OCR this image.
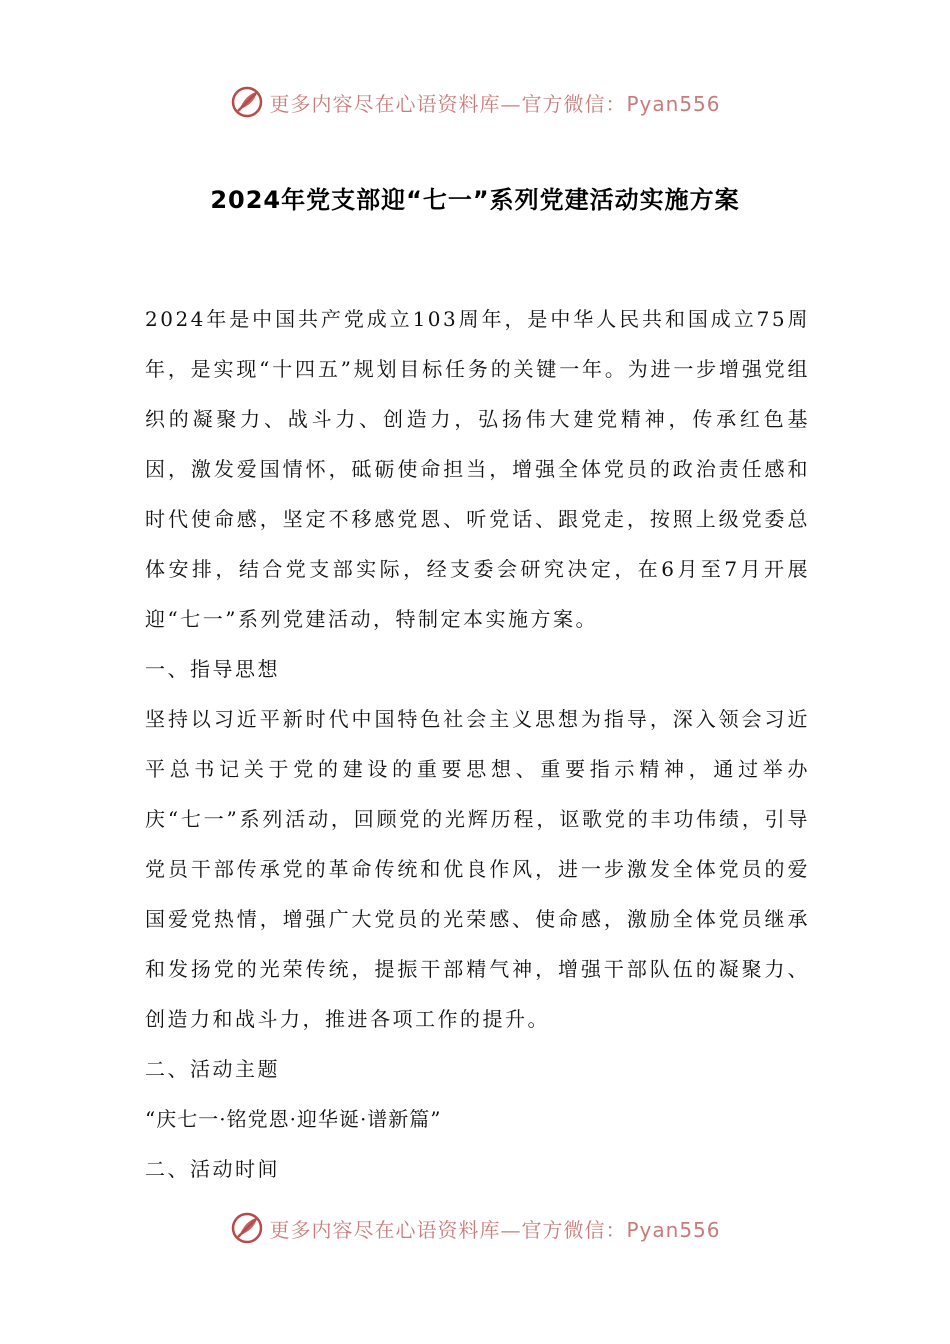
更多内容尽在心语资料库—官方微信：Pyan556
2024年党支部迎“七一”系列党建活动实施方案

2024年是中国共产党成立103周年，是中华人民共和国成立75周年，是实现“十四五”规划目标任务的关键一年。为进一步增强党组织的凝聚力、战斗力、创造力，弘扬伟大建党精神，传承红色基因，激发爱国情怀，砥砺使命担当，增强全体党员的政治责任感和时代使命感，坚定不移感党恩、听党话、跟党走，按照上级党委总体安排，结合党支部实际，经支委会研究决定，在6月至7月开展迎“七一”系列党建活动，特制定本实施方案。

一、指导思想

坚持以习近平新时代中国特色社会主义思想为指导，深入领会习近平总书记关于党的建设的重要思想、重要指示精神，通过举办庆“七一”系列活动，回顾党的光辉历程，讴歌党的丰功伟绩，引导党员干部传承党的革命传统和优良作风，进一步激发全体党员的爱国爱党热情，增强广大党员的光荣感、使命感，激励全体党员继承和发扬党的光荣传统，提振干部精气神，增强干部队伍的凝聚力、创造力和战斗力，推进各项工作的提升。

二、活动主题

“庆七一·铭党恩·迎华诞·谱新篇”

二、活动时间

更多内容尽在心语资料库—官方微信：Pyan556
